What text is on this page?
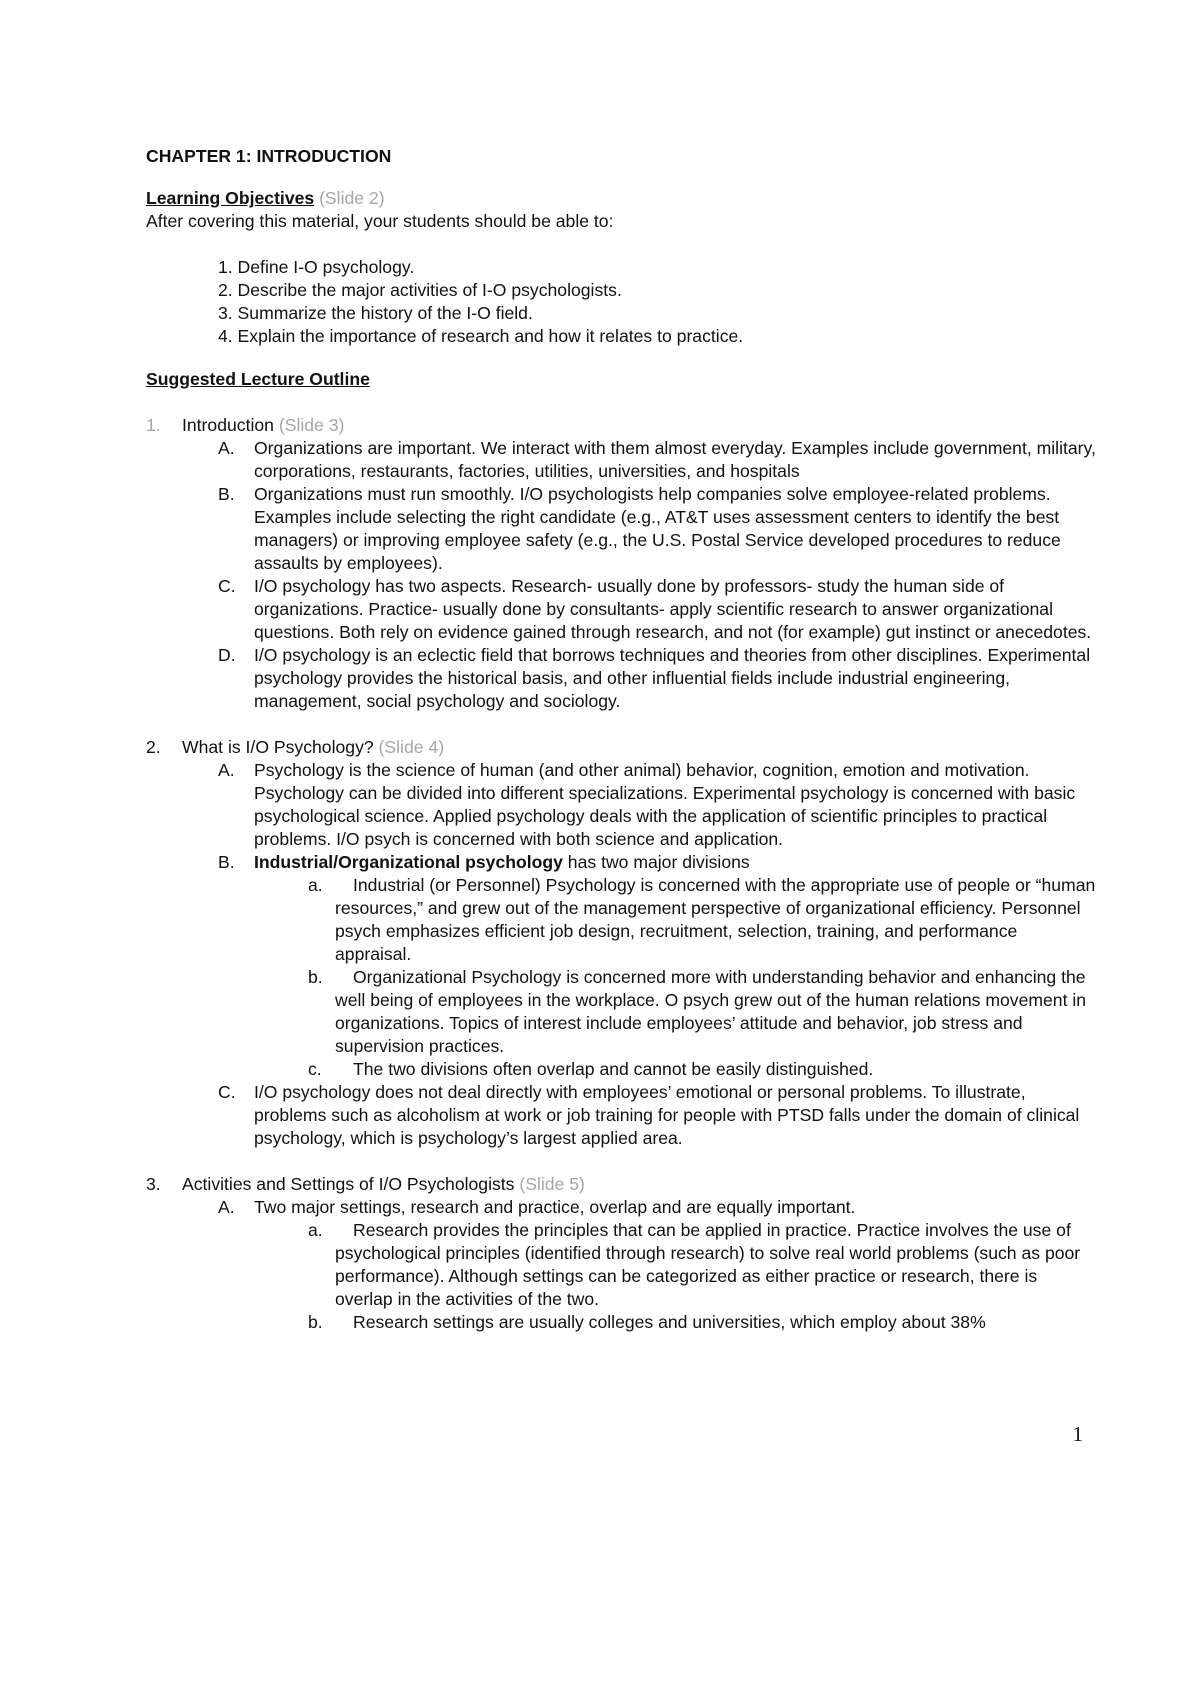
CHAPTER 1: INTRODUCTION
Learning Objectives (Slide 2)
After covering this material, your students should be able to:
1. Define I-O psychology.
2. Describe the major activities of I-O psychologists.
3. Summarize the history of the I-O field.
4. Explain the importance of research and how it relates to practice.
Suggested Lecture Outline
1.	Introduction (Slide 3)
A.	Organizations are important. We interact with them almost everyday. Examples include government, military, corporations, restaurants, factories, utilities, universities, and hospitals
B.	Organizations must run smoothly. I/O psychologists help companies solve employee-related problems. Examples include selecting the right candidate (e.g., AT&T uses assessment centers to identify the best managers) or improving employee safety (e.g., the U.S. Postal Service developed procedures to reduce assaults by employees).
C.	I/O psychology has two aspects. Research- usually done by professors- study the human side of organizations. Practice- usually done by consultants- apply scientific research to answer organizational questions. Both rely on evidence gained through research, and not (for example) gut instinct or anecedotes.
D.	I/O psychology is an eclectic field that borrows techniques and theories from other disciplines. Experimental psychology provides the historical basis, and other influential fields include industrial engineering, management, social psychology and sociology.
2.	What is I/O Psychology? (Slide 4)
A.	Psychology is the science of human (and other animal) behavior, cognition, emotion and motivation. Psychology can be divided into different specializations. Experimental psychology is concerned with basic psychological science. Applied psychology deals with the application of scientific principles to practical problems. I/O psych is concerned with both science and application.
B.	Industrial/Organizational psychology has two major divisions
a.	Industrial (or Personnel) Psychology is concerned with the appropriate use of people or “human resources,” and grew out of the management perspective of organizational efficiency. Personnel psych emphasizes efficient job design, recruitment, selection, training, and performance appraisal.
b.	Organizational Psychology is concerned more with understanding behavior and enhancing the well being of employees in the workplace. O psych grew out of the human relations movement in organizations. Topics of interest include employees’ attitude and behavior, job stress and supervision practices.
c.	The two divisions often overlap and cannot be easily distinguished.
C.	I/O psychology does not deal directly with employees’ emotional or personal problems. To illustrate, problems such as alcoholism at work or job training for people with PTSD falls under the domain of clinical psychology, which is psychology’s largest applied area.
3.	Activities and Settings of I/O Psychologists (Slide 5)
A.	Two major settings, research and practice, overlap and are equally important.
a.	Research provides the principles that can be applied in practice. Practice involves the use of psychological principles (identified through research) to solve real world problems (such as poor performance). Although settings can be categorized as either practice or research, there is overlap in the activities of the two.
b.	Research settings are usually colleges and universities, which employ about 38%
1
